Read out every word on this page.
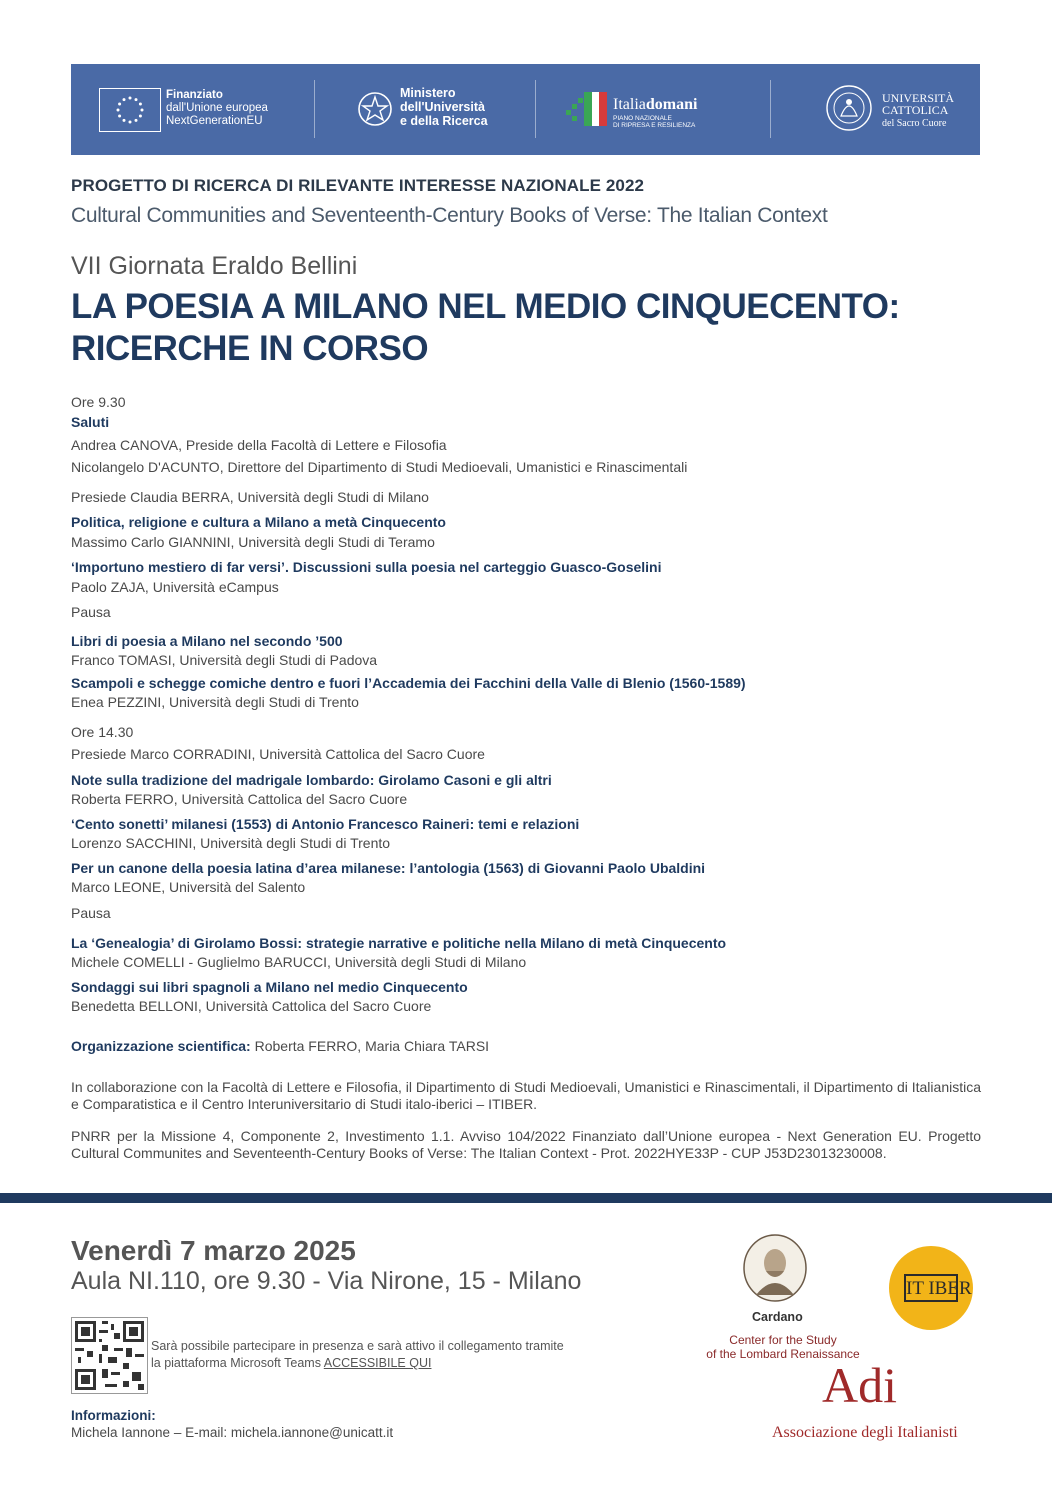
Finanziato
dall'Unione europea
NextGenerationEU
Ministero
dell'Università
e della Ricerca
Italiadomani
PIANO NAZIONALE
DI RIPRESA E RESILIENZA
UNIVERSITÀ
CATTOLICA
del Sacro Cuore
PROGETTO DI RICERCA DI RILEVANTE INTERESSE NAZIONALE 2022
Cultural Communities and Seventeenth-Century Books of Verse: The Italian Context
VII Giornata Eraldo Bellini
LA POESIA A MILANO NEL MEDIO CINQUECENTO:
RICERCHE IN CORSO
Ore 9.30
Saluti
Andrea CANOVA, Preside della Facoltà di Lettere e Filosofia
Nicolangelo D'ACUNTO, Direttore del Dipartimento di Studi Medioevali, Umanistici e Rinascimentali
Presiede Claudia BERRA, Università degli Studi di Milano
Politica, religione e cultura a Milano a metà Cinquecento
Massimo Carlo GIANNINI, Università degli Studi di Teramo
‘Importuno mestiero di far versi’. Discussioni sulla poesia nel carteggio Guasco-Goselini
Paolo ZAJA, Università eCampus
Pausa
Libri di poesia a Milano nel secondo ’500
Franco TOMASI, Università degli Studi di Padova
Scampoli e schegge comiche dentro e fuori l’Accademia dei Facchini della Valle di Blenio (1560-1589)
Enea PEZZINI, Università degli Studi di Trento
Ore 14.30
Presiede Marco CORRADINI, Università Cattolica del Sacro Cuore
Note sulla tradizione del madrigale lombardo: Girolamo Casoni e gli altri
Roberta FERRO, Università Cattolica del Sacro Cuore
‘Cento sonetti’ milanesi (1553) di Antonio Francesco Raineri: temi e relazioni
Lorenzo SACCHINI, Università degli Studi di Trento
Per un canone della poesia latina d’area milanese: l’antologia (1563) di Giovanni Paolo Ubaldini
Marco LEONE, Università del Salento
Pausa
La ‘Genealogia’ di Girolamo Bossi: strategie narrative e politiche nella Milano di metà Cinquecento
Michele COMELLI - Guglielmo BARUCCI, Università degli Studi di Milano
Sondaggi sui libri spagnoli a Milano nel medio Cinquecento
Benedetta BELLONI, Università Cattolica del Sacro Cuore
Organizzazione scientifica: Roberta FERRO, Maria Chiara TARSI
In collaborazione con la Facoltà di Lettere e Filosofia, il Dipartimento di Studi Medioevali, Umanistici e Rinascimentali, il Dipartimento di Italianistica e Comparatistica e il Centro Interuniversitario di Studi italo-iberici – ITIBER.
PNRR per la Missione 4, Componente 2, Investimento 1.1. Avviso 104/2022 Finanziato dall’Unione europea - Next Generation EU. Progetto Cultural Communites and Seventeenth-Century Books of Verse: The Italian Context - Prot. 2022HYE33P - CUP J53D23013230008.
Venerdì 7 marzo 2025
Aula NI.110, ore 9.30 - Via Nirone, 15 - Milano
Sarà possibile partecipare in presenza e sarà attivo il collegamento tramite
la piattaforma Microsoft Teams ACCESSIBILE QUI
Informazioni:
Michela Iannone – E-mail: michela.iannone@unicatt.it
Cardano
Center for the Study
of the Lombard Renaissance
IT IBER
Adi
Associazione degli Italianisti
